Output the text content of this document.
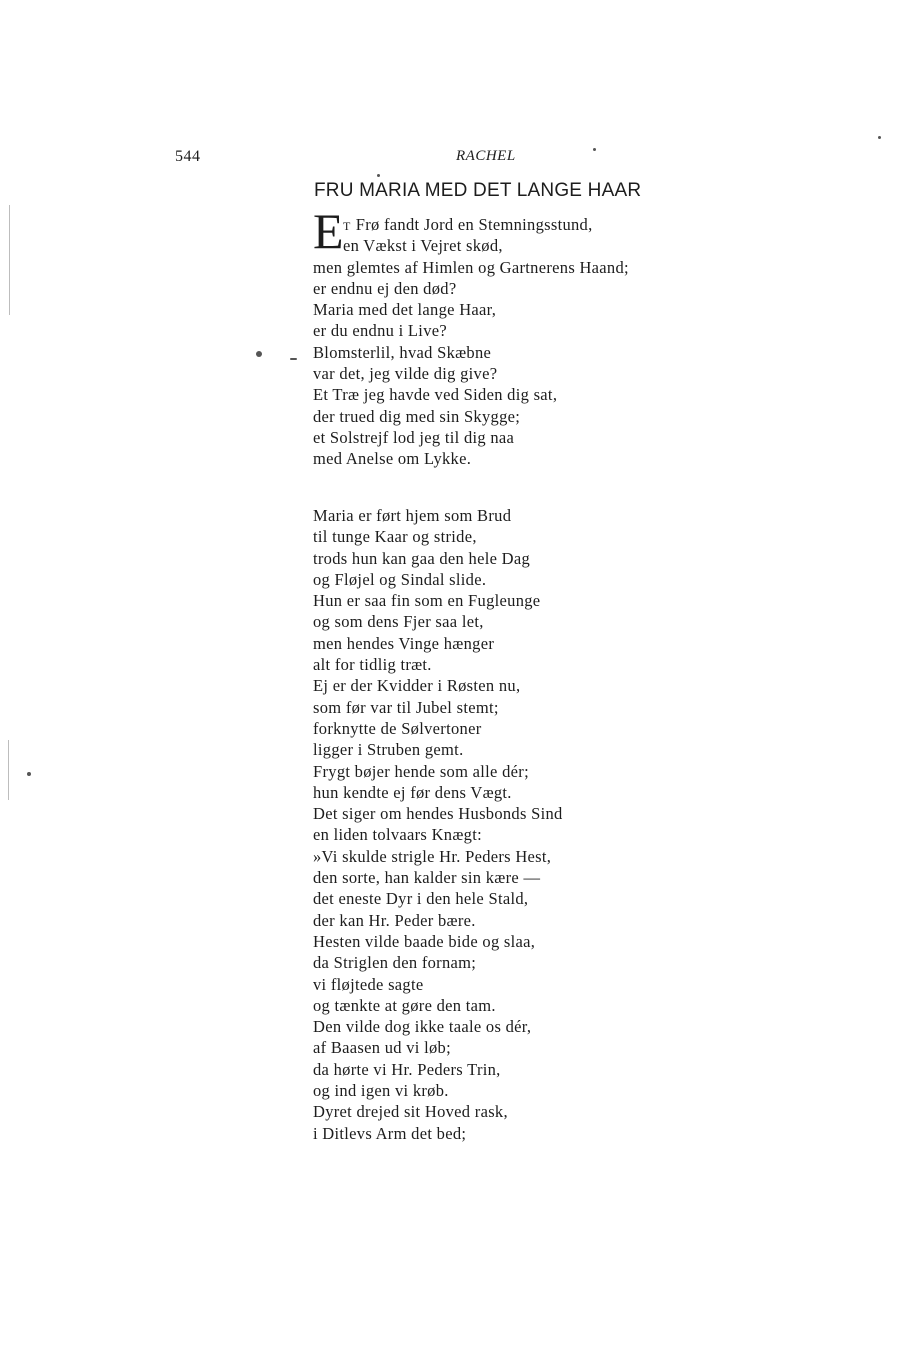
544	RACHEL
FRU MARIA MED DET LANGE HAAR
E T Frø fandt Jord en Stemningsstund,
en Vækst i Vejret skød,
men glemtes af Himlen og Gartnerens Haand;
er endnu ej den død?
Maria med det lange Haar,
er du endnu i Live?
Blomsterlil, hvad Skæbne
var det, jeg vilde dig give?
Et Træ jeg havde ved Siden dig sat,
der trued dig med sin Skygge;
et Solstrejf lod jeg til dig naa
med Anelse om Lykke.
Maria er ført hjem som Brud
til tunge Kaar og stride,
trods hun kan gaa den hele Dag
og Fløjel og Sindal slide.
Hun er saa fin som en Fugleunge
og som dens Fjer saa let,
men hendes Vinge hænger
alt for tidlig træt.
Ej er der Kvidder i Røsten nu,
som før var til Jubel stemt;
forknytte de Sølvertoner
ligger i Struben gemt.
Frygt bøjer hende som alle dér;
hun kendte ej før dens Vægt.
Det siger om hendes Husbonds Sind
en liden tolvaars Knægt:
»Vi skulde strigle Hr. Peders Hest,
den sorte, han kalder sin kære —
det eneste Dyr i den hele Stald,
der kan Hr. Peder bære.
Hesten vilde baade bide og slaa,
da Striglen den fornam;
vi fløjtede sagte
og tænkte at gøre den tam.
Den vilde dog ikke taale os dér,
af Baasen ud vi løb;
da hørte vi Hr. Peders Trin,
og ind igen vi krøb.
Dyret drejed sit Hoved rask,
i Ditlevs Arm det bed;
